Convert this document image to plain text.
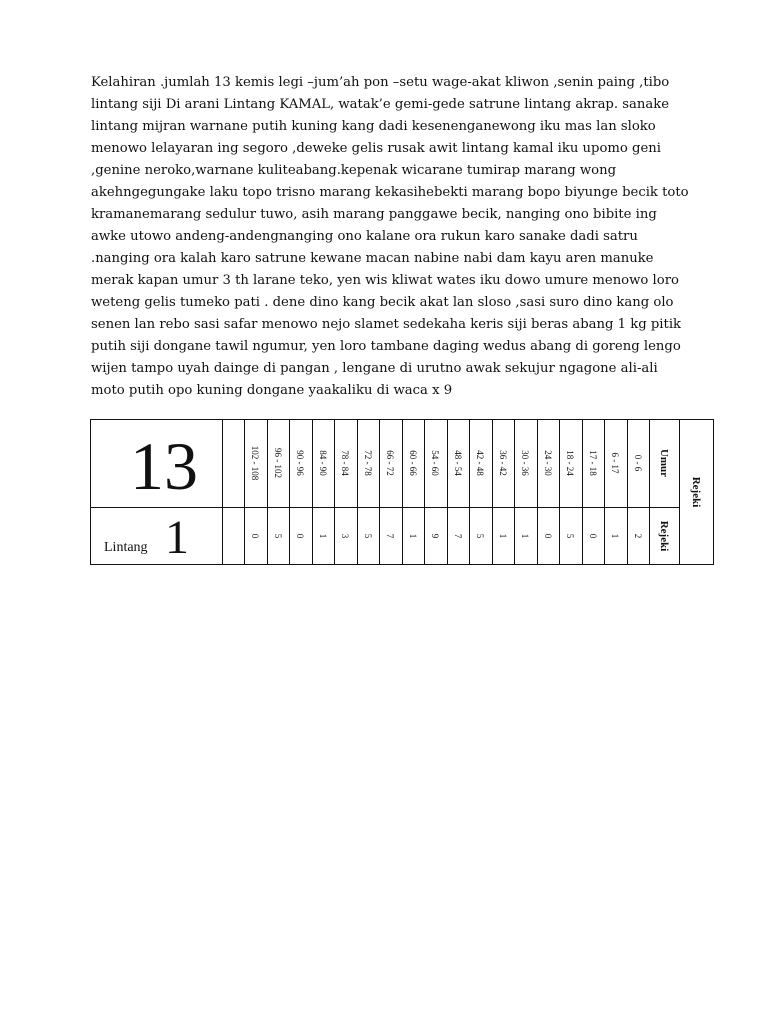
Kelahiran .jumlah 13 kemis legi –jum’ah pon –setu wage-akat kliwon ,senin paing ,tibo lintang siji Di arani Lintang KAMAL, watak’e gemi-gede satrune lintang akrap. sanake lintang mijran warnane putih kuning kang dadi kesenenganewong iku mas lan sloko menowo lelayaran ing segoro ,deweke gelis rusak awit lintang kamal iku upomo geni ,genine neroko,warnane kuliteabang.kepenak wicarane tumirap marang wong akehngegungake laku topo trisno marang kekasihebekti marang bopo biyunge becik toto kramanemarang sedulur tuwo, asih marang panggawe becik, nanging ono bibite ing awke utowo andeng-andengnanging ono kalane ora rukun karo sanake dadi satru .nanging ora kalah karo satrune kewane macan nabine nabi dam kayu aren manuke merak kapan umur 3 th larane teko, yen wis kliwat wates iku dowo umure menowo loro weteng gelis tumeko pati . dene dino kang becik akat lan sloso ,sasi suro dino kang olo senen lan rebo sasi safar menowo nejo slamet sedekaha keris siji beras abang 1 kg pitik putih siji dongane tawil ngumur, yen loro tambane daging wedus abang di goreng lengo wijen tampo uyah dainge di pangan , lengane di urutno awak sekujur ngagone ali-ali moto putih opo kuning dongane yaakaliku di waca x 9

13
Lintang 1
102 - 108
0
96 - 102
5
90 - 96
0
84 - 90
1
78 - 84
3
72 - 78
5
66 - 72
7
60 - 66
1
54 - 60
9
48 - 54
7
42 - 48
5
36 - 42
1
30 - 36
1
24 - 30
0
18 - 24
5
17 - 18
0
6 - 17
1
0 - 6
2
Umur
Rejeki
Rejeki
